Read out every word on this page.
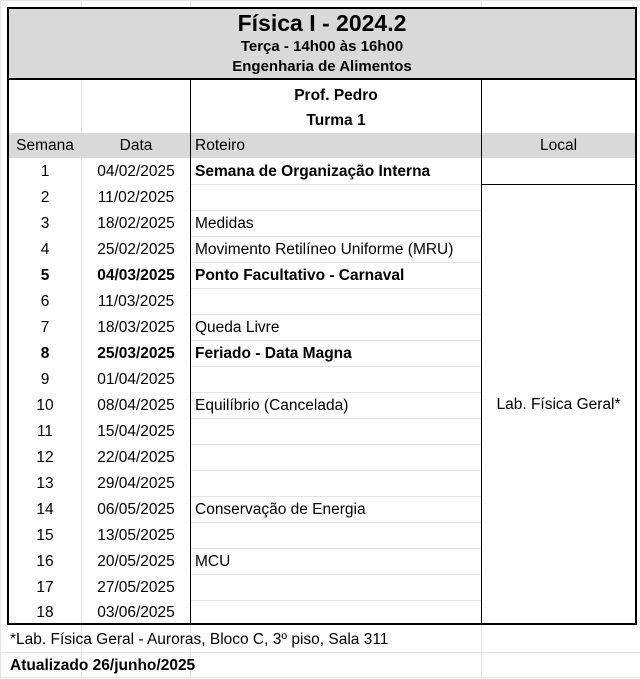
Física I - 2024.2
Terça - 14h00 às 16h00
Engenharia de Alimentos
Prof. Pedro
Turma 1
Semana	Data	Roteiro	Local
1	04/02/2025	Semana de Organização Interna
2	11/02/2025
3	18/02/2025	Medidas
4	25/02/2025	Movimento Retilíneo Uniforme (MRU)
5	04/03/2025	Ponto Facultativo - Carnaval
6	11/03/2025
7	18/03/2025	Queda Livre
8	25/03/2025	Feriado - Data Magna
9	01/04/2025
10	08/04/2025	Equilíbrio (Cancelada)
11	15/04/2025
12	22/04/2025
13	29/04/2025
14	06/05/2025	Conservação de Energia
15	13/05/2025
16	20/05/2025	MCU
17	27/05/2025
18	03/06/2025
Lab. Física Geral*
*Lab. Física Geral - Auroras, Bloco C, 3º piso, Sala 311
Atualizado 26/junho/2025
